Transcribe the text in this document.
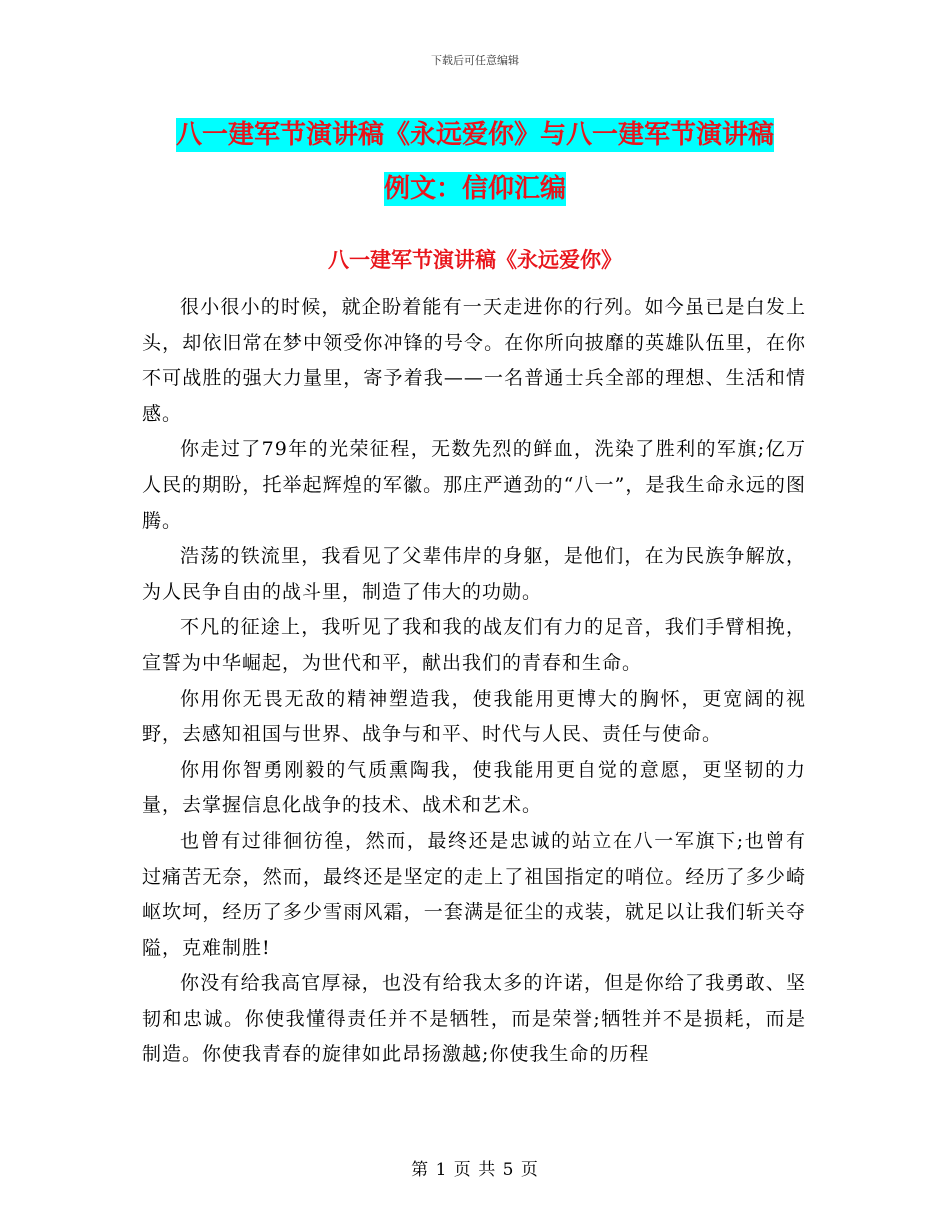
下载后可任意编辑
八一建军节演讲稿《永远爱你》与八一建军节演讲稿
例文：信仰汇编
八一建军节演讲稿《永远爱你》

很小很小的时候，就企盼着能有一天走进你的行列。如今虽已是白发上头，却依旧常在梦中领受你冲锋的号令。在你所向披靡的英雄队伍里，在你不可战胜的强大力量里，寄予着我——一名普通士兵全部的理想、生活和情感。

你走过了79年的光荣征程，无数先烈的鲜血，洗染了胜利的军旗;亿万人民的期盼，托举起辉煌的军徽。那庄严遒劲的“八一”，是我生命永远的图腾。

浩荡的铁流里，我看见了父辈伟岸的身躯，是他们，在为民族争解放，为人民争自由的战斗里，制造了伟大的功勋。

不凡的征途上，我听见了我和我的战友们有力的足音，我们手臂相挽，宣誓为中华崛起，为世代和平，献出我们的青春和生命。

你用你无畏无敌的精神塑造我，使我能用更博大的胸怀，更宽阔的视野，去感知祖国与世界、战争与和平、时代与人民、责任与使命。

你用你智勇刚毅的气质熏陶我，使我能用更自觉的意愿，更坚韧的力量，去掌握信息化战争的技术、战术和艺术。

也曾有过徘徊彷徨，然而，最终还是忠诚的站立在八一军旗下;也曾有过痛苦无奈，然而，最终还是坚定的走上了祖国指定的哨位。经历了多少崎岖坎坷，经历了多少雪雨风霜，一套满是征尘的戎装，就足以让我们斩关夺隘，克难制胜!

你没有给我高官厚禄，也没有给我太多的许诺，但是你给了我勇敢、坚韧和忠诚。你使我懂得责任并不是牺牲，而是荣誉;牺牲并不是损耗，而是制造。你使我青春的旋律如此昂扬激越;你使我生命的历程

第 1 页 共 5 页
